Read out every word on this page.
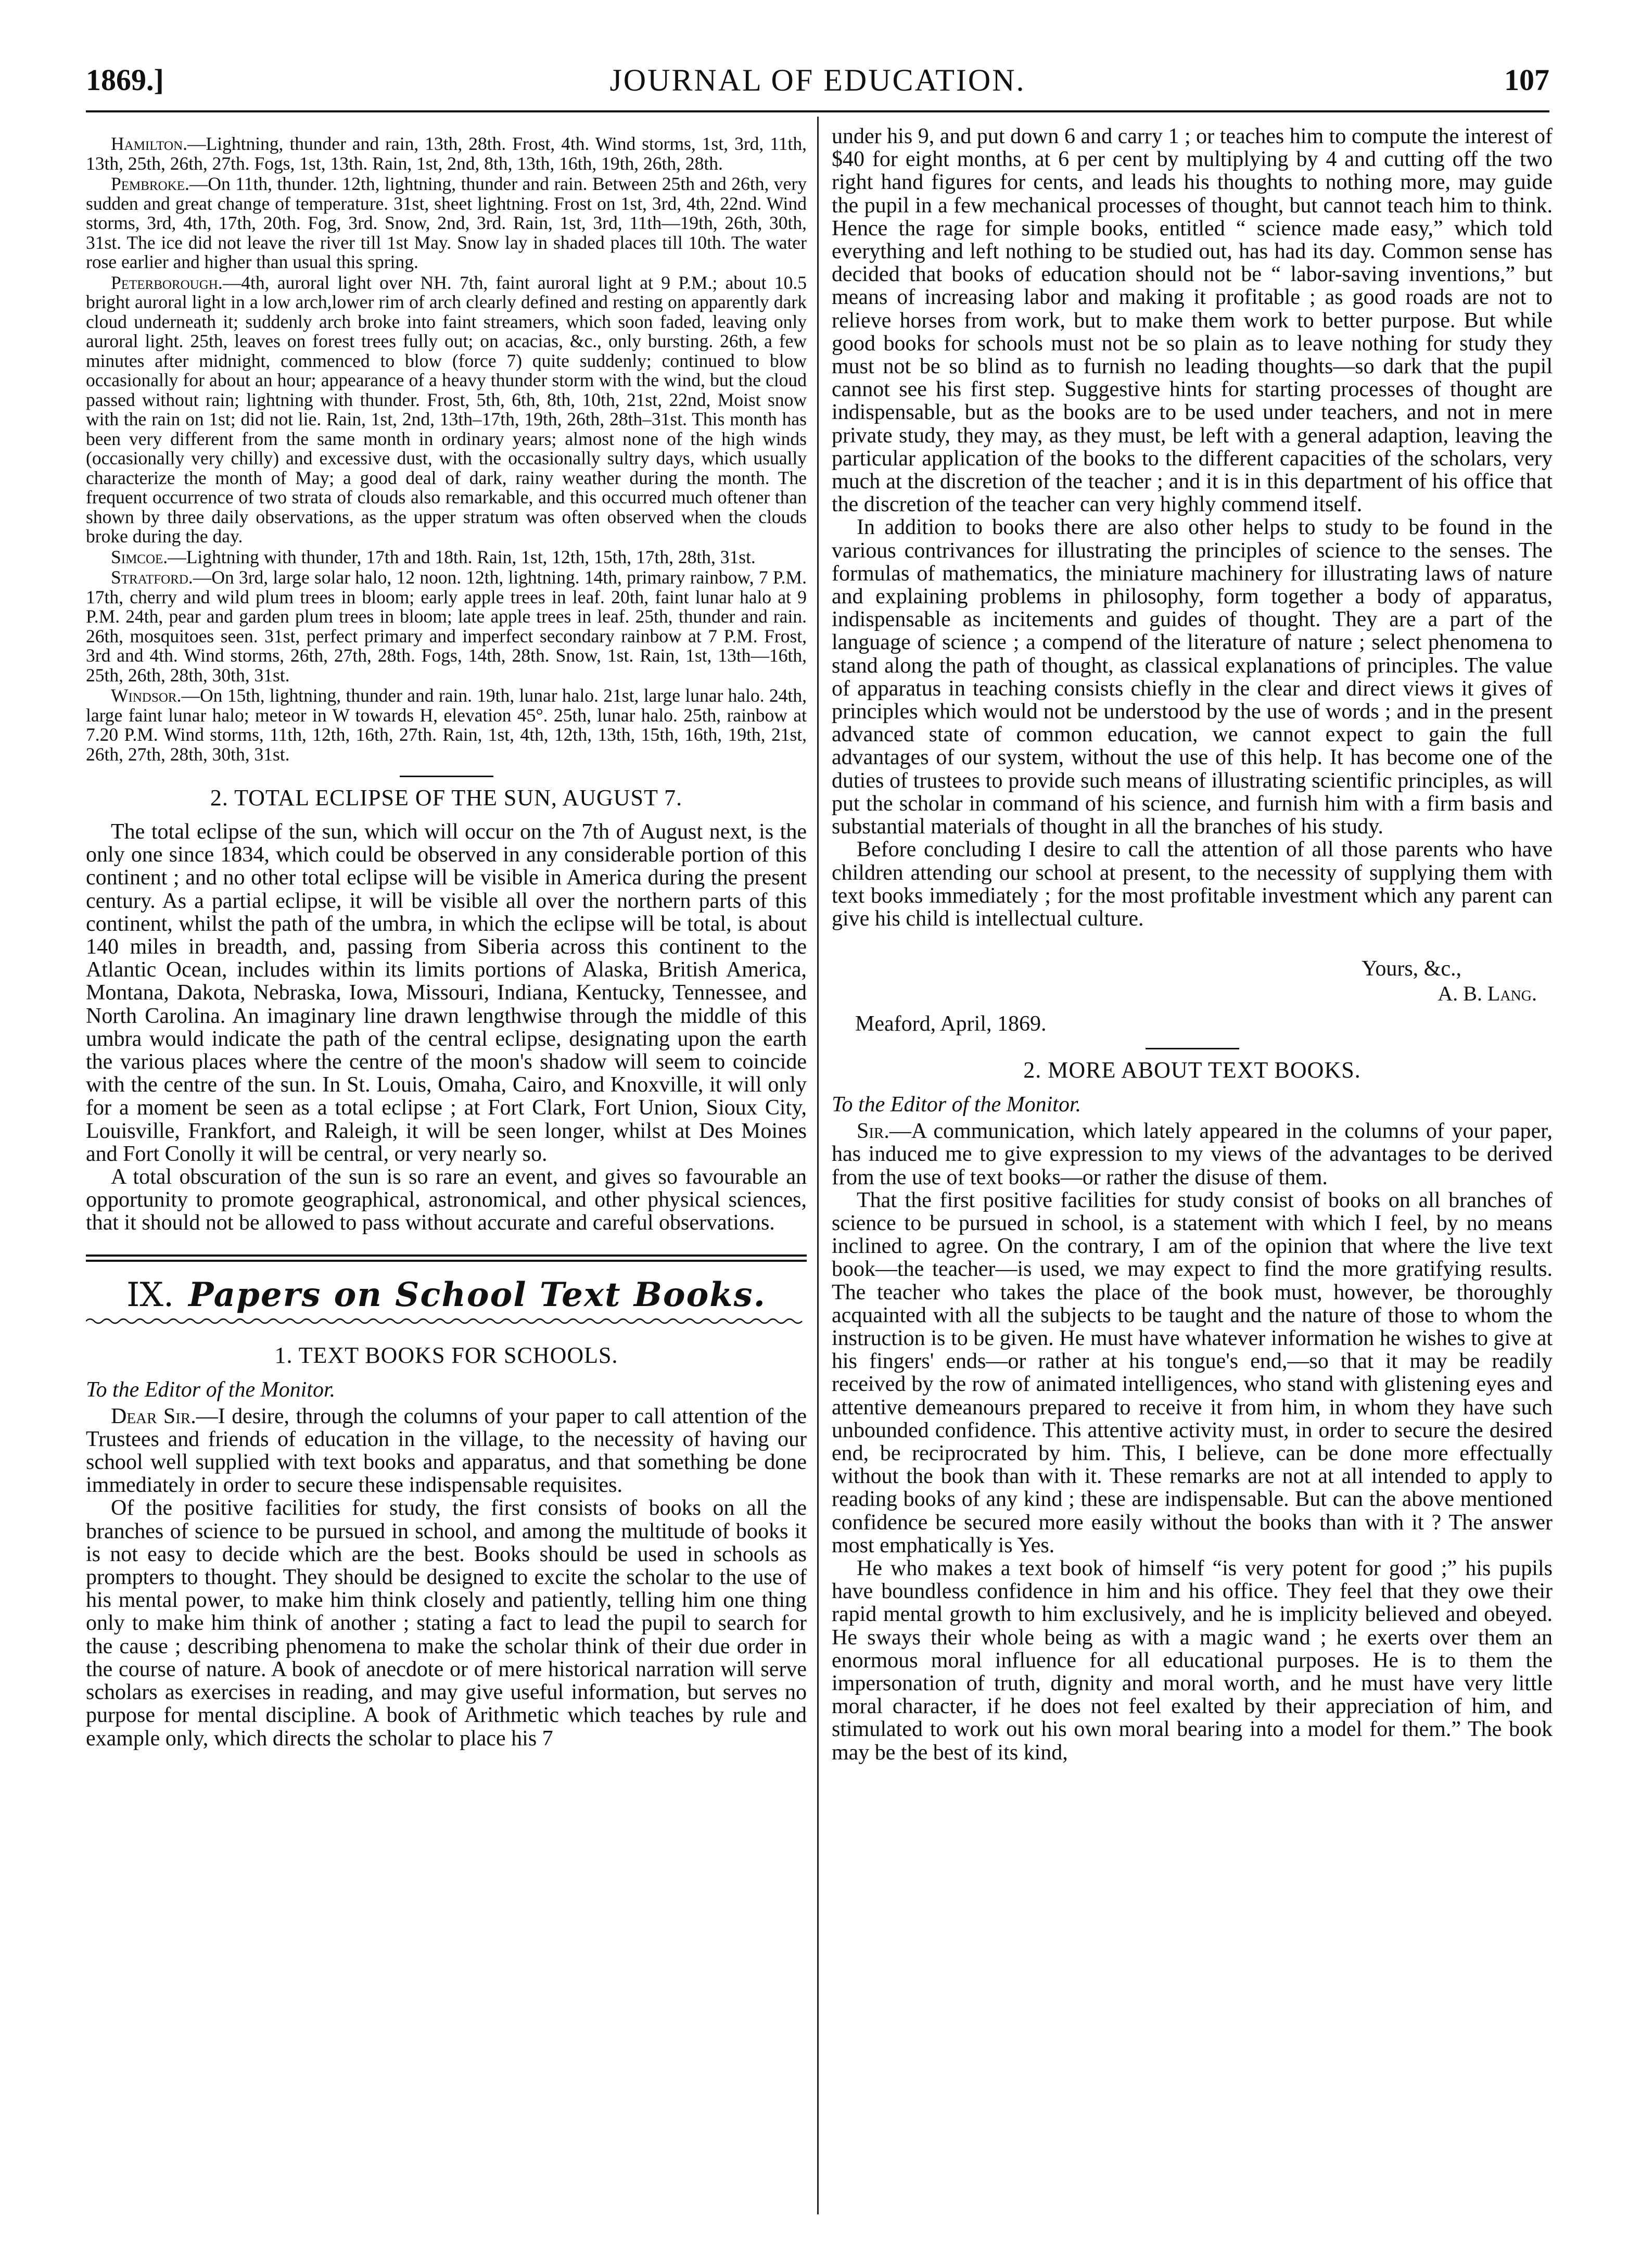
1869.]	JOURNAL OF EDUCATION.	107

Hamilton.—Lightning, thunder and rain, 13th, 28th. Frost, 4th. Wind storms, 1st, 3rd, 11th, 13th, 25th, 26th, 27th. Fogs, 1st, 13th. Rain, 1st, 2nd, 8th, 13th, 16th, 19th, 26th, 28th.

Pembroke.—On 11th, thunder. 12th, lightning, thunder and rain. Between 25th and 26th, very sudden and great change of temperature. 31st, sheet lightning. Frost on 1st, 3rd, 4th, 22nd. Wind storms, 3rd, 4th, 17th, 20th. Fog, 3rd. Snow, 2nd, 3rd. Rain, 1st, 3rd, 11th—19th, 26th, 30th, 31st. The ice did not leave the river till 1st May. Snow lay in shaded places till 10th. The water rose earlier and higher than usual this spring.

Peterborough.—4th, auroral light over NH. 7th, faint auroral light at 9 P.M.; about 10.5 bright auroral light in a low arch,lower rim of arch clearly defined and resting on apparently dark cloud underneath it; suddenly arch broke into faint streamers, which soon faded, leaving only auroral light. 25th, leaves on forest trees fully out; on acacias, &c., only bursting. 26th, a few minutes after midnight, commenced to blow (force 7) quite suddenly; continued to blow occasionally for about an hour; appearance of a heavy thunder storm with the wind, but the cloud passed without rain; lightning with thunder. Frost, 5th, 6th, 8th, 10th, 21st, 22nd, Moist snow with the rain on 1st; did not lie. Rain, 1st, 2nd, 13th–17th, 19th, 26th, 28th–31st. This month has been very different from the same month in ordinary years; almost none of the high winds (occasionally very chilly) and excessive dust, with the occasionally sultry days, which usually characterize the month of May; a good deal of dark, rainy weather during the month. The frequent occurrence of two strata of clouds also remarkable, and this occurred much oftener than shown by three daily observations, as the upper stratum was often observed when the clouds broke during the day.

Simcoe.—Lightning with thunder, 17th and 18th. Rain, 1st, 12th, 15th, 17th, 28th, 31st.

Stratford.—On 3rd, large solar halo, 12 noon. 12th, lightning. 14th, primary rainbow, 7 P.M. 17th, cherry and wild plum trees in bloom; early apple trees in leaf. 20th, faint lunar halo at 9 P.M. 24th, pear and garden plum trees in bloom; late apple trees in leaf. 25th, thunder and rain. 26th, mosquitoes seen. 31st, perfect primary and imperfect secondary rainbow at 7 P.M. Frost, 3rd and 4th. Wind storms, 26th, 27th, 28th. Fogs, 14th, 28th. Snow, 1st. Rain, 1st, 13th—16th, 25th, 26th, 28th, 30th, 31st.

Windsor.—On 15th, lightning, thunder and rain. 19th, lunar halo. 21st, large lunar halo. 24th, large faint lunar halo; meteor in W towards H, elevation 45°. 25th, lunar halo. 25th, rainbow at 7.20 P.M. Wind storms, 11th, 12th, 16th, 27th. Rain, 1st, 4th, 12th, 13th, 15th, 16th, 19th, 21st, 26th, 27th, 28th, 30th, 31st.

2. TOTAL ECLIPSE OF THE SUN, AUGUST 7.

The total eclipse of the sun, which will occur on the 7th of August next, is the only one since 1834, which could be observed in any considerable portion of this continent ; and no other total eclipse will be visible in America during the present century. As a partial eclipse, it will be visible all over the northern parts of this continent, whilst the path of the umbra, in which the eclipse will be total, is about 140 miles in breadth, and, passing from Siberia across this continent to the Atlantic Ocean, includes within its limits portions of Alaska, British America, Montana, Dakota, Nebraska, Iowa, Missouri, Indiana, Kentucky, Tennessee, and North Carolina. An imaginary line drawn lengthwise through the middle of this umbra would indicate the path of the central eclipse, designating upon the earth the various places where the centre of the moon's shadow will seem to coincide with the centre of the sun. In St. Louis, Omaha, Cairo, and Knoxville, it will only for a moment be seen as a total eclipse ; at Fort Clark, Fort Union, Sioux City, Louisville, Frankfort, and Raleigh, it will be seen longer, whilst at Des Moines and Fort Conolly it will be central, or very nearly so.

A total obscuration of the sun is so rare an event, and gives so favourable an opportunity to promote geographical, astronomical, and other physical sciences, that it should not be allowed to pass without accurate and careful observations.

IX. Papers on School Text Books.
1. TEXT BOOKS FOR SCHOOLS.
To the Editor of the Monitor.

Dear Sir.—I desire, through the columns of your paper to call attention of the Trustees and friends of education in the village, to the necessity of having our school well supplied with text books and apparatus, and that something be done immediately in order to secure these indispensable requisites.

Of the positive facilities for study, the first consists of books on all the branches of science to be pursued in school, and among the multitude of books it is not easy to decide which are the best. Books should be used in schools as prompters to thought. They should be designed to excite the scholar to the use of his mental power, to make him think closely and patiently, telling him one thing only to make him think of another ; stating a fact to lead the pupil to search for the cause ; describing phenomena to make the scholar think of their due order in the course of nature. A book of anecdote or of mere historical narration will serve scholars as exercises in reading, and may give useful information, but serves no purpose for mental discipline. A book of Arithmetic which teaches by rule and example only, which directs the scholar to place his 7

under his 9, and put down 6 and carry 1 ; or teaches him to compute the interest of $40 for eight months, at 6 per cent by multiplying by 4 and cutting off the two right hand figures for cents, and leads his thoughts to nothing more, may guide the pupil in a few mechanical processes of thought, but cannot teach him to think. Hence the rage for simple books, entitled “ science made easy,” which told everything and left nothing to be studied out, has had its day. Common sense has decided that books of education should not be “ labor-saving inventions,” but means of increasing labor and making it profitable ; as good roads are not to relieve horses from work, but to make them work to better purpose. But while good books for schools must not be so plain as to leave nothing for study they must not be so blind as to furnish no leading thoughts—so dark that the pupil cannot see his first step. Suggestive hints for starting processes of thought are indispensable, but as the books are to be used under teachers, and not in mere private study, they may, as they must, be left with a general adaption, leaving the particular application of the books to the different capacities of the scholars, very much at the discretion of the teacher ; and it is in this department of his office that the discretion of the teacher can very highly commend itself.

In addition to books there are also other helps to study to be found in the various contrivances for illustrating the principles of science to the senses. The formulas of mathematics, the miniature machinery for illustrating laws of nature and explaining problems in philosophy, form together a body of apparatus, indispensable as incitements and guides of thought. They are a part of the language of science ; a compend of the literature of nature ; select phenomena to stand along the path of thought, as classical explanations of principles. The value of apparatus in teaching consists chiefly in the clear and direct views it gives of principles which would not be understood by the use of words ; and in the present advanced state of common education, we cannot expect to gain the full advantages of our system, without the use of this help. It has become one of the duties of trustees to provide such means of illustrating scientific principles, as will put the scholar in command of his science, and furnish him with a firm basis and substantial materials of thought in all the branches of his study.

Before concluding I desire to call the attention of all those parents who have children attending our school at present, to the necessity of supplying them with text books immediately ; for the most profitable investment which any parent can give his child is intellectual culture.

Yours, &c.,
A. B. Lang.
Meaford, April, 1869.
2. MORE ABOUT TEXT BOOKS.
To the Editor of the Monitor.

Sir.—A communication, which lately appeared in the columns of your paper, has induced me to give expression to my views of the advantages to be derived from the use of text books—or rather the disuse of them.

That the first positive facilities for study consist of books on all branches of science to be pursued in school, is a statement with which I feel, by no means inclined to agree. On the contrary, I am of the opinion that where the live text book—the teacher—is used, we may expect to find the more gratifying results. The teacher who takes the place of the book must, however, be thoroughly acquainted with all the subjects to be taught and the nature of those to whom the instruction is to be given. He must have whatever information he wishes to give at his fingers' ends—or rather at his tongue's end,—so that it may be readily received by the row of animated intelligences, who stand with glistening eyes and attentive demeanours prepared to receive it from him, in whom they have such unbounded confidence. This attentive activity must, in order to secure the desired end, be reciprocrated by him. This, I believe, can be done more effectually without the book than with it. These remarks are not at all intended to apply to reading books of any kind ; these are indispensable. But can the above mentioned confidence be secured more easily without the books than with it ? The answer most emphatically is Yes.

He who makes a text book of himself “is very potent for good ;” his pupils have boundless confidence in him and his office. They feel that they owe their rapid mental growth to him exclusively, and he is implicity believed and obeyed. He sways their whole being as with a magic wand ; he exerts over them an enormous moral influence for all educational purposes. He is to them the impersonation of truth, dignity and moral worth, and he must have very little moral character, if he does not feel exalted by their appreciation of him, and stimulated to work out his own moral bearing into a model for them.” The book may be the best of its kind,
